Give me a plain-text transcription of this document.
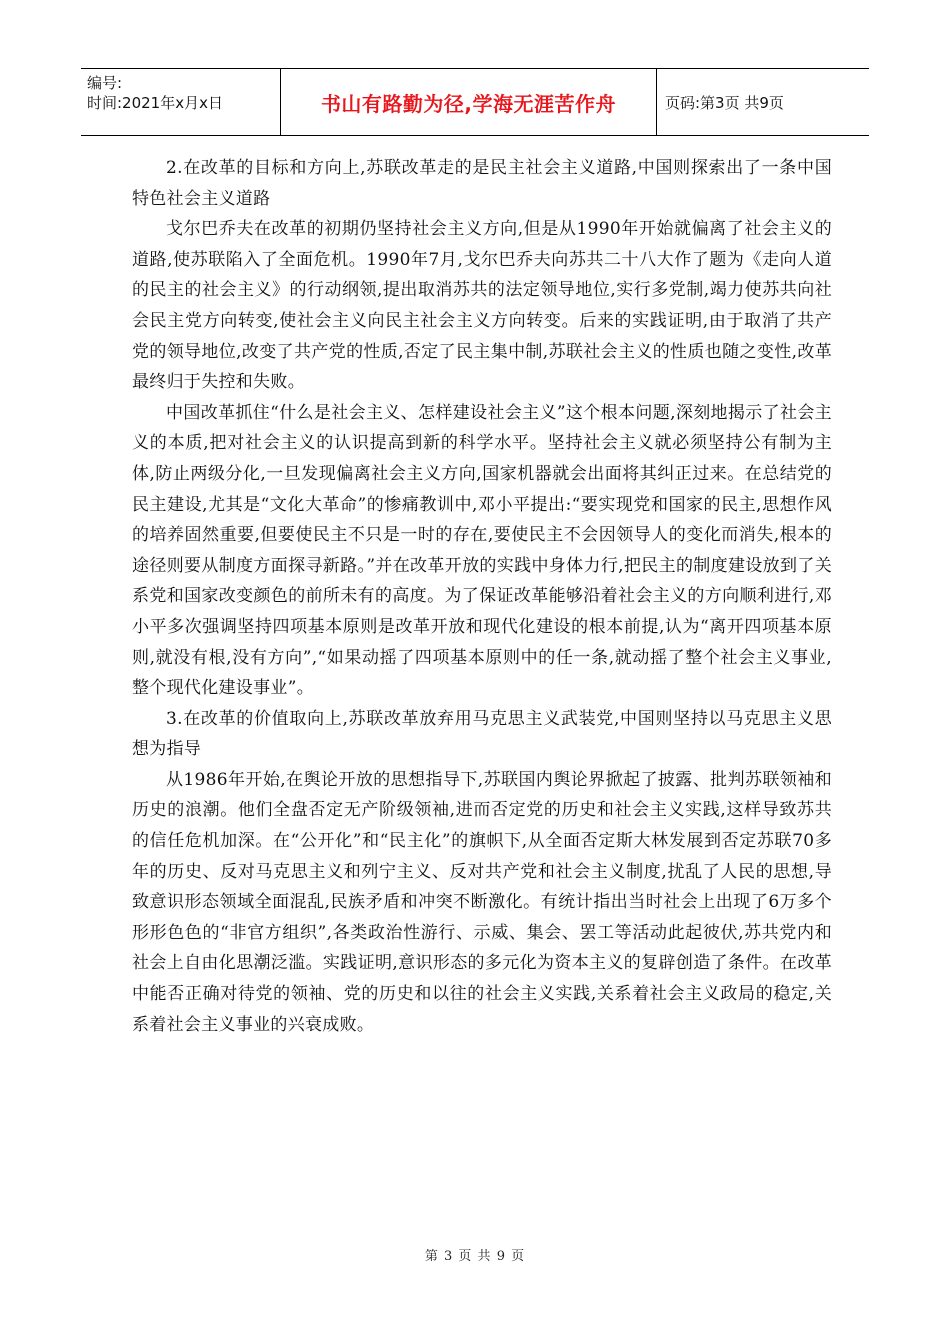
编号:
时间:2021年x月x日	书山有路勤为径,学海无涯苦作舟	页码:第3页 共9页

2.在改革的目标和方向上,苏联改革走的是民主社会主义道路,中国则探索出了一条中国特色社会主义道路

戈尔巴乔夫在改革的初期仍坚持社会主义方向,但是从1990年开始就偏离了社会主义的道路,使苏联陷入了全面危机。1990年7月,戈尔巴乔夫向苏共二十八大作了题为《走向人道的民主的社会主义》的行动纲领,提出取消苏共的法定领导地位,实行多党制,竭力使苏共向社会民主党方向转变,使社会主义向民主社会主义方向转变。后来的实践证明,由于取消了共产党的领导地位,改变了共产党的性质,否定了民主集中制,苏联社会主义的性质也随之变性,改革最终归于失控和失败。

中国改革抓住“什么是社会主义、怎样建设社会主义”这个根本问题,深刻地揭示了社会主义的本质,把对社会主义的认识提高到新的科学水平。坚持社会主义就必须坚持公有制为主体,防止两级分化,一旦发现偏离社会主义方向,国家机器就会出面将其纠正过来。在总结党的民主建设,尤其是“文化大革命”的惨痛教训中,邓小平提出:“要实现党和国家的民主,思想作风的培养固然重要,但要使民主不只是一时的存在,要使民主不会因领导人的变化而消失,根本的途径则要从制度方面探寻新路。”并在改革开放的实践中身体力行,把民主的制度建设放到了关系党和国家改变颜色的前所未有的高度。为了保证改革能够沿着社会主义的方向顺利进行,邓小平多次强调坚持四项基本原则是改革开放和现代化建设的根本前提,认为“离开四项基本原则,就没有根,没有方向”,“如果动摇了四项基本原则中的任一条,就动摇了整个社会主义事业,整个现代化建设事业”。

3.在改革的价值取向上,苏联改革放弃用马克思主义武装党,中国则坚持以马克思主义思想为指导

从1986年开始,在舆论开放的思想指导下,苏联国内舆论界掀起了披露、批判苏联领袖和历史的浪潮。他们全盘否定无产阶级领袖,进而否定党的历史和社会主义实践,这样导致苏共的信任危机加深。在“公开化”和“民主化”的旗帜下,从全面否定斯大林发展到否定苏联70多年的历史、反对马克思主义和列宁主义、反对共产党和社会主义制度,扰乱了人民的思想,导致意识形态领域全面混乱,民族矛盾和冲突不断激化。有统计指出当时社会上出现了6万多个形形色色的“非官方组织”,各类政治性游行、示威、集会、罢工等活动此起彼伏,苏共党内和社会上自由化思潮泛滥。实践证明,意识形态的多元化为资本主义的复辟创造了条件。在改革中能否正确对待党的领袖、党的历史和以往的社会主义实践,关系着社会主义政局的稳定,关系着社会主义事业的兴衰成败。

第 3 页 共 9 页
